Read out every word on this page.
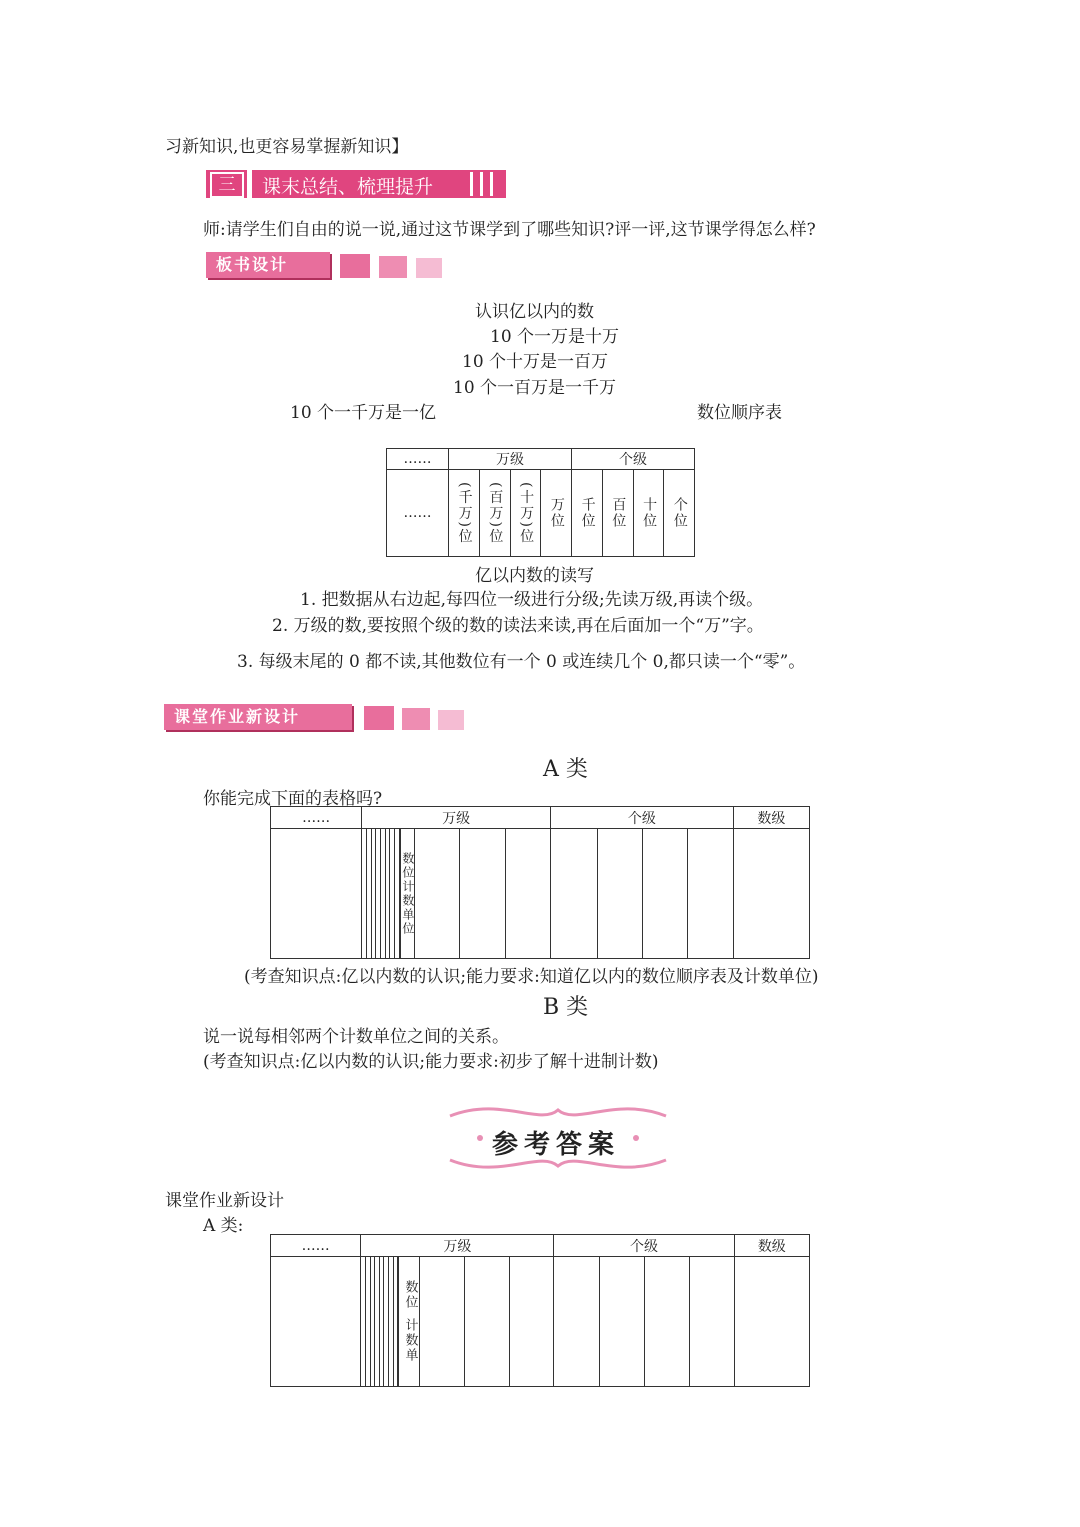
习新知识,也更容易掌握新知识】
三	课末总结、梳理提升
师:请学生们自由的说一说,通过这节课学到了哪些知识?评一评,这节课学得怎么样?
板书设计
认识亿以内的数
10 个一万是十万
10 个十万是一百万
10 个一百万是一千万
10 个一千万是一亿	数位顺序表
……	万级				个级			
……	(千万)位	(百万)位	(十万)位	万位	千位	百位	十位	个位
亿以内数的读写
1. 把数据从右边起,每四位一级进行分级;先读万级,再读个级。
2. 万级的数,要按照个级的数的读法来读,再在后面加一个“万”字。
3. 每级末尾的 0 都不读,其他数位有一个 0 或连续几个 0,都只读一个“零”。
课堂作业新设计
A 类
你能完成下面的表格吗?
……	万级					个级				数级

		数位
计数单位								

(考查知识点:亿以内数的认识;能力要求:知道亿以内的数位顺序表及计数单位)
B 类
说一说每相邻两个计数单位之间的关系。
(考查知识点:亿以内数的认识;能力要求:初步了解十进制计数)
参考答案
课堂作业新设计
A 类:
……	万级					个级				数级

		数位
计数单								
